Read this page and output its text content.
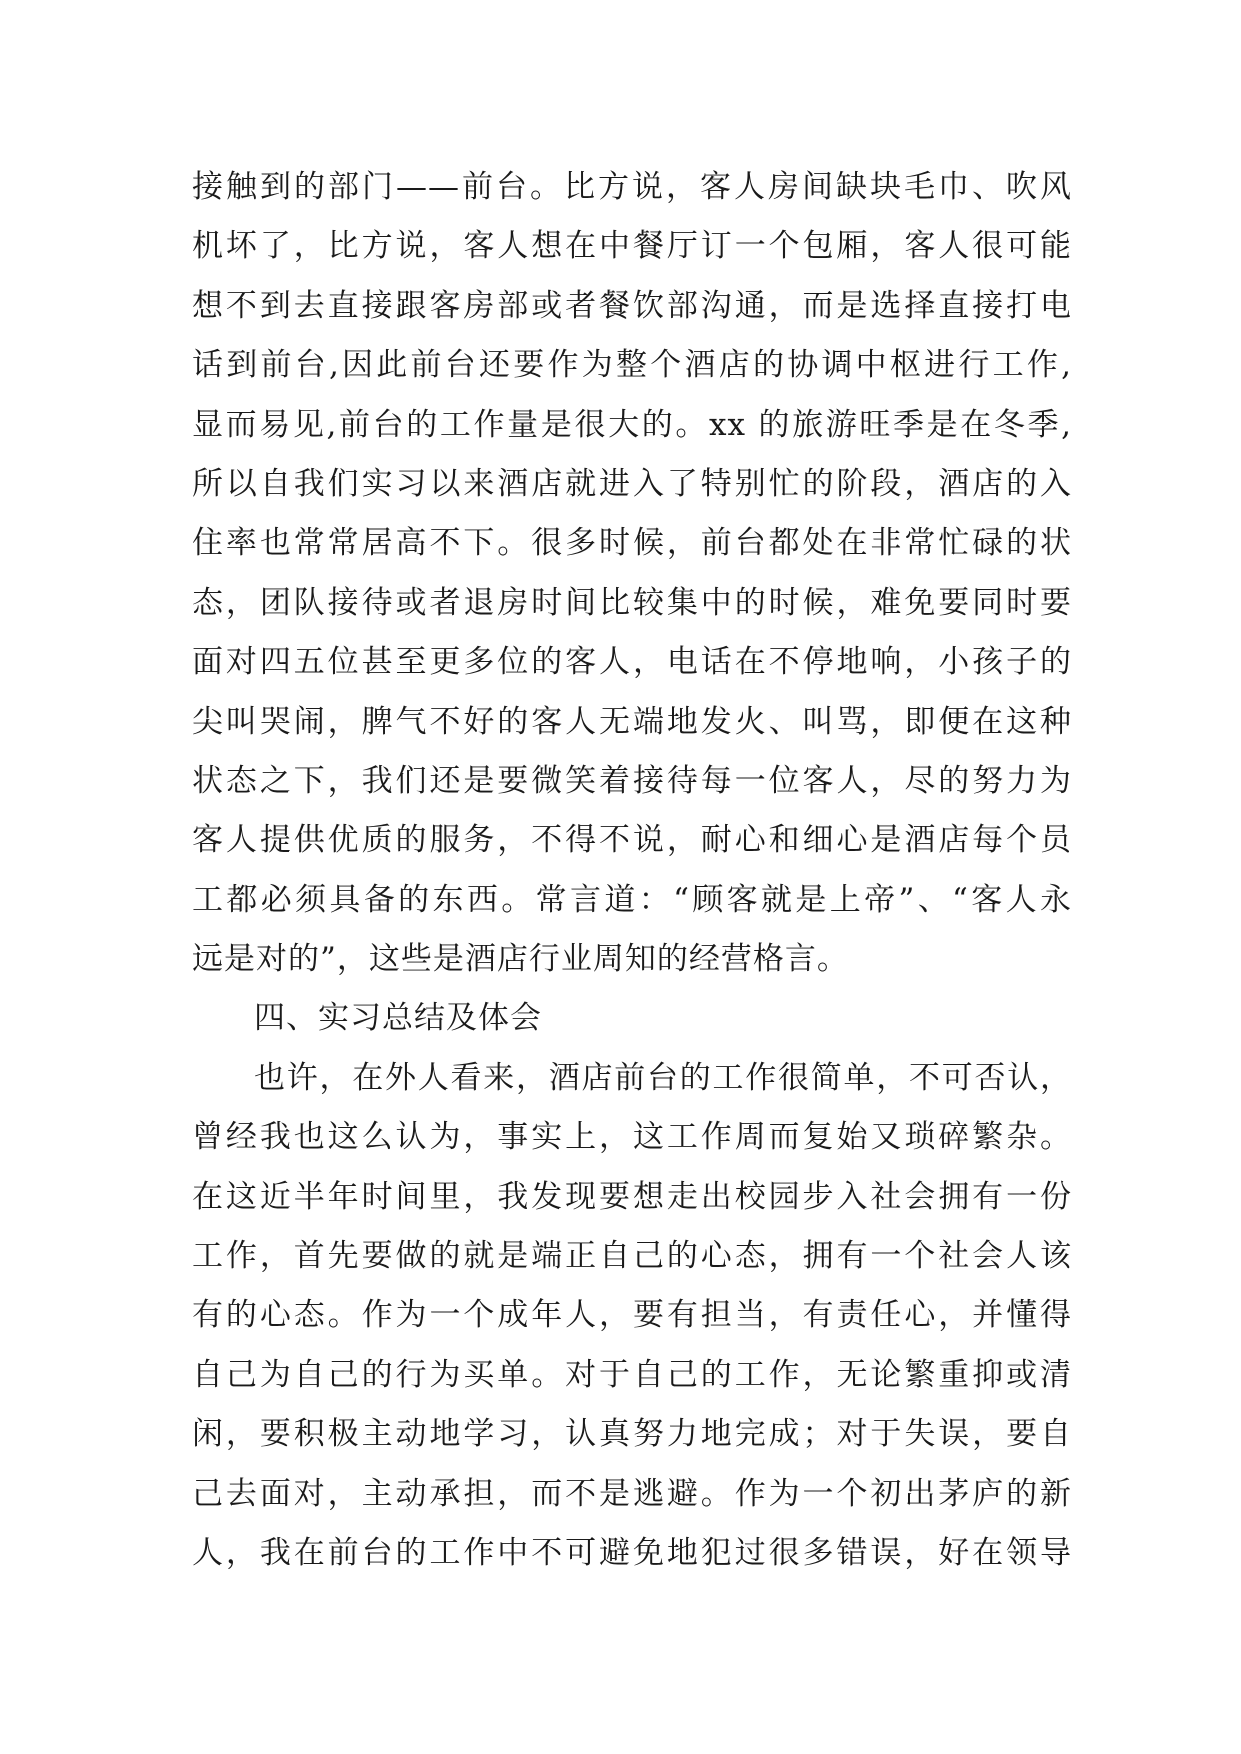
接触到的部门——前台。比方说，客人房间缺块毛巾、吹风
机坏了，比方说，客人想在中餐厅订一个包厢，客人很可能
想不到去直接跟客房部或者餐饮部沟通，而是选择直接打电
话到前台,因此前台还要作为整个酒店的协调中枢进行工作,
显而易见,前台的工作量是很大的。xx 的旅游旺季是在冬季,
所以自我们实习以来酒店就进入了特别忙的阶段，酒店的入
住率也常常居高不下。很多时候，前台都处在非常忙碌的状
态，团队接待或者退房时间比较集中的时候，难免要同时要
面对四五位甚至更多位的客人，电话在不停地响，小孩子的
尖叫哭闹，脾气不好的客人无端地发火、叫骂，即便在这种
状态之下，我们还是要微笑着接待每一位客人，尽的努力为
客人提供优质的服务，不得不说，耐心和细心是酒店每个员
工都必须具备的东西。常言道：“顾客就是上帝”、“客人永
远是对的”，这些是酒店行业周知的经营格言。
四、实习总结及体会
也许，在外人看来，酒店前台的工作很简单，不可否认，
曾经我也这么认为，事实上，这工作周而复始又琐碎繁杂。
在这近半年时间里，我发现要想走出校园步入社会拥有一份
工作，首先要做的就是端正自己的心态，拥有一个社会人该
有的心态。作为一个成年人，要有担当，有责任心，并懂得
自己为自己的行为买单。对于自己的工作，无论繁重抑或清
闲，要积极主动地学习，认真努力地完成；对于失误，要自
己去面对，主动承担，而不是逃避。作为一个初出茅庐的新
人，我在前台的工作中不可避免地犯过很多错误，好在领导
